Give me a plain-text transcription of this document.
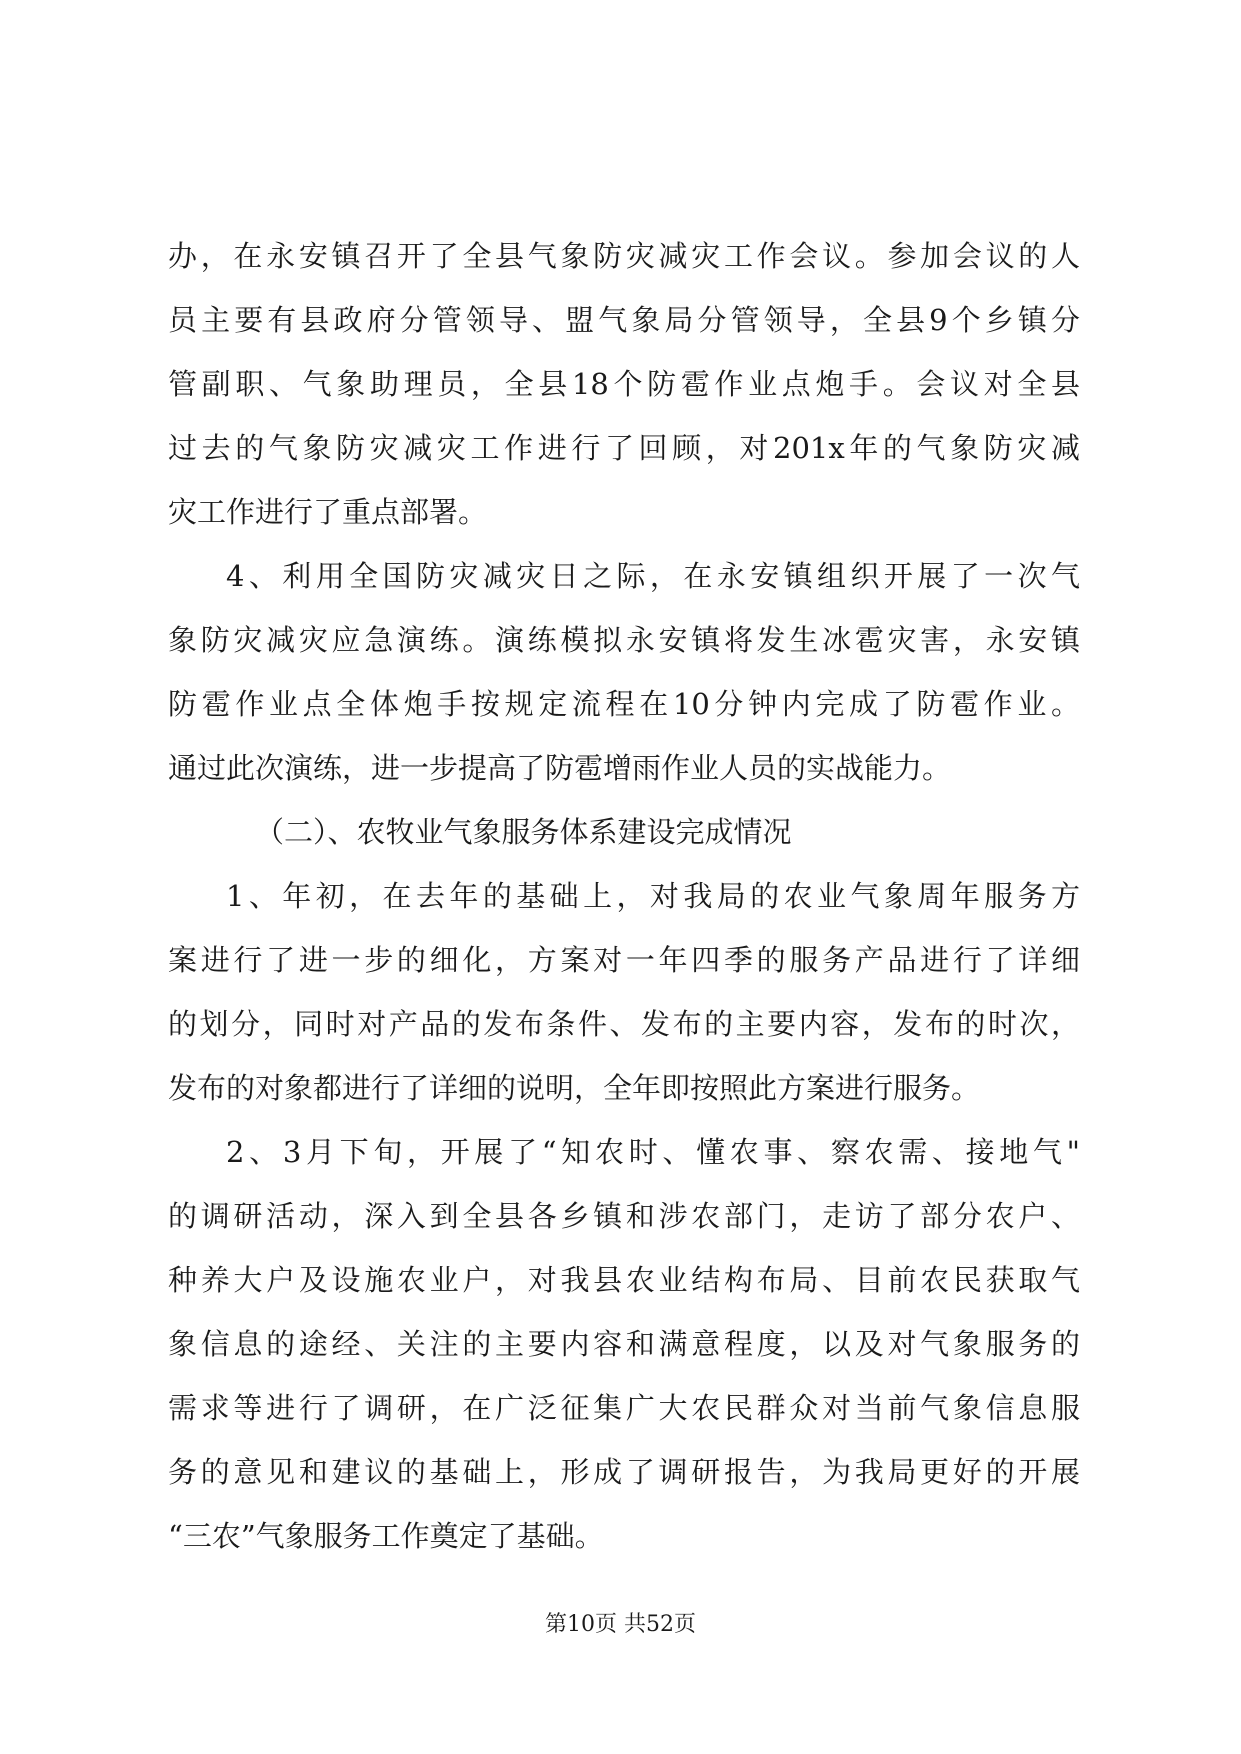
办，在永安镇召开了全县气象防灾减灾工作会议。参加会议的人
员主要有县政府分管领导、盟气象局分管领导，全县9个乡镇分
管副职、气象助理员，全县18个防雹作业点炮手。会议对全县
过去的气象防灾减灾工作进行了回顾，对201x年的气象防灾减
灾工作进行了重点部署。
4、利用全国防灾减灾日之际，在永安镇组织开展了一次气
象防灾减灾应急演练。演练模拟永安镇将发生冰雹灾害，永安镇
防雹作业点全体炮手按规定流程在10分钟内完成了防雹作业。
通过此次演练，进一步提高了防雹增雨作业人员的实战能力。
（二）、农牧业气象服务体系建设完成情况
1、年初，在去年的基础上，对我局的农业气象周年服务方
案进行了进一步的细化，方案对一年四季的服务产品进行了详细
的划分，同时对产品的发布条件、发布的主要内容，发布的时次，
发布的对象都进行了详细的说明，全年即按照此方案进行服务。
2、3月下旬，开展了“知农时、懂农事、察农需、接地气"
的调研活动，深入到全县各乡镇和涉农部门，走访了部分农户、
种养大户及设施农业户，对我县农业结构布局、目前农民获取气
象信息的途经、关注的主要内容和满意程度，以及对气象服务的
需求等进行了调研，在广泛征集广大农民群众对当前气象信息服
务的意见和建议的基础上，形成了调研报告，为我局更好的开展
“三农”气象服务工作奠定了基础。
第10页 共52页
